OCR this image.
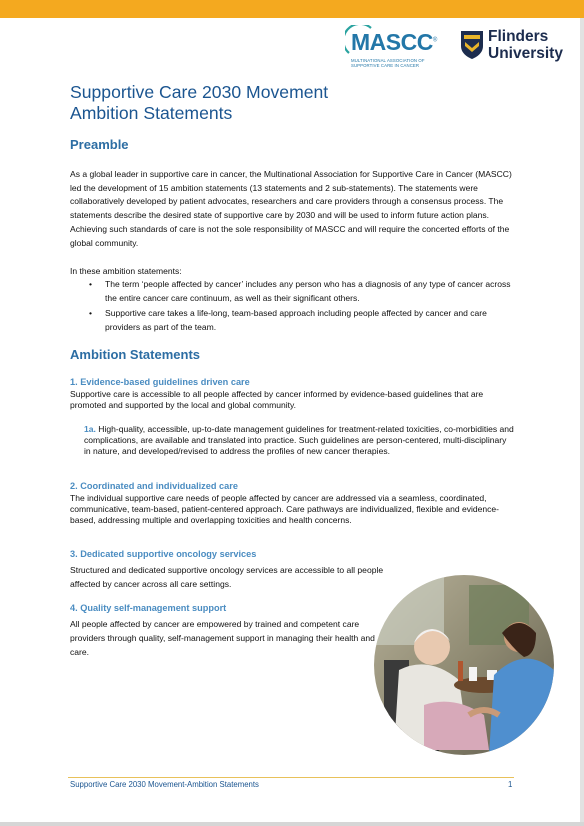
MASCC®
MULTINATIONAL ASSOCIATION OF SUPPORTIVE CARE IN CANCER
Flinders
University
Supportive Care 2030 Movement
Ambition Statements
Preamble
As a global leader in supportive care in cancer, the Multinational Association for Supportive Care in Cancer (MASCC) led the development of 15 ambition statements (13 statements and 2 sub-statements). The statements were collaboratively developed by patient advocates, researchers and care providers through a consensus process. The statements describe the desired state of supportive care by 2030 and will be used to inform future action plans. Achieving such standards of care is not the sole responsibility of MASCC and will require the concerted efforts of the global community.
In these ambition statements:
• The term ‘people affected by cancer’ includes any person who has a diagnosis of any type of cancer across the entire cancer care continuum, as well as their significant others.
• Supportive care takes a life-long, team-based approach including people affected by cancer and care providers as part of the team.
Ambition Statements
1. Evidence-based guidelines driven care
Supportive care is accessible to all people affected by cancer informed by evidence-based guidelines that are promoted and supported by the local and global community.
1a. High-quality, accessible, up-to-date management guidelines for treatment-related toxicities, co-morbidities and complications, are available and translated into practice. Such guidelines are person-centered, multi-disciplinary in nature, and developed/revised to address the profiles of new cancer therapies.
2. Coordinated and individualized care
The individual supportive care needs of people affected by cancer are addressed via a seamless, coordinated, communicative, team-based, patient-centered approach. Care pathways are individualized, flexible and evidence-based, addressing multiple and overlapping toxicities and health concerns.
3. Dedicated supportive oncology services
Structured and dedicated supportive oncology services are accessible to all people affected by cancer across all care settings.
4. Quality self-management support
All people affected by cancer are empowered by trained and competent care providers through quality, self-management support in managing their health and care.
Supportive Care 2030 Movement-Ambition Statements	1
